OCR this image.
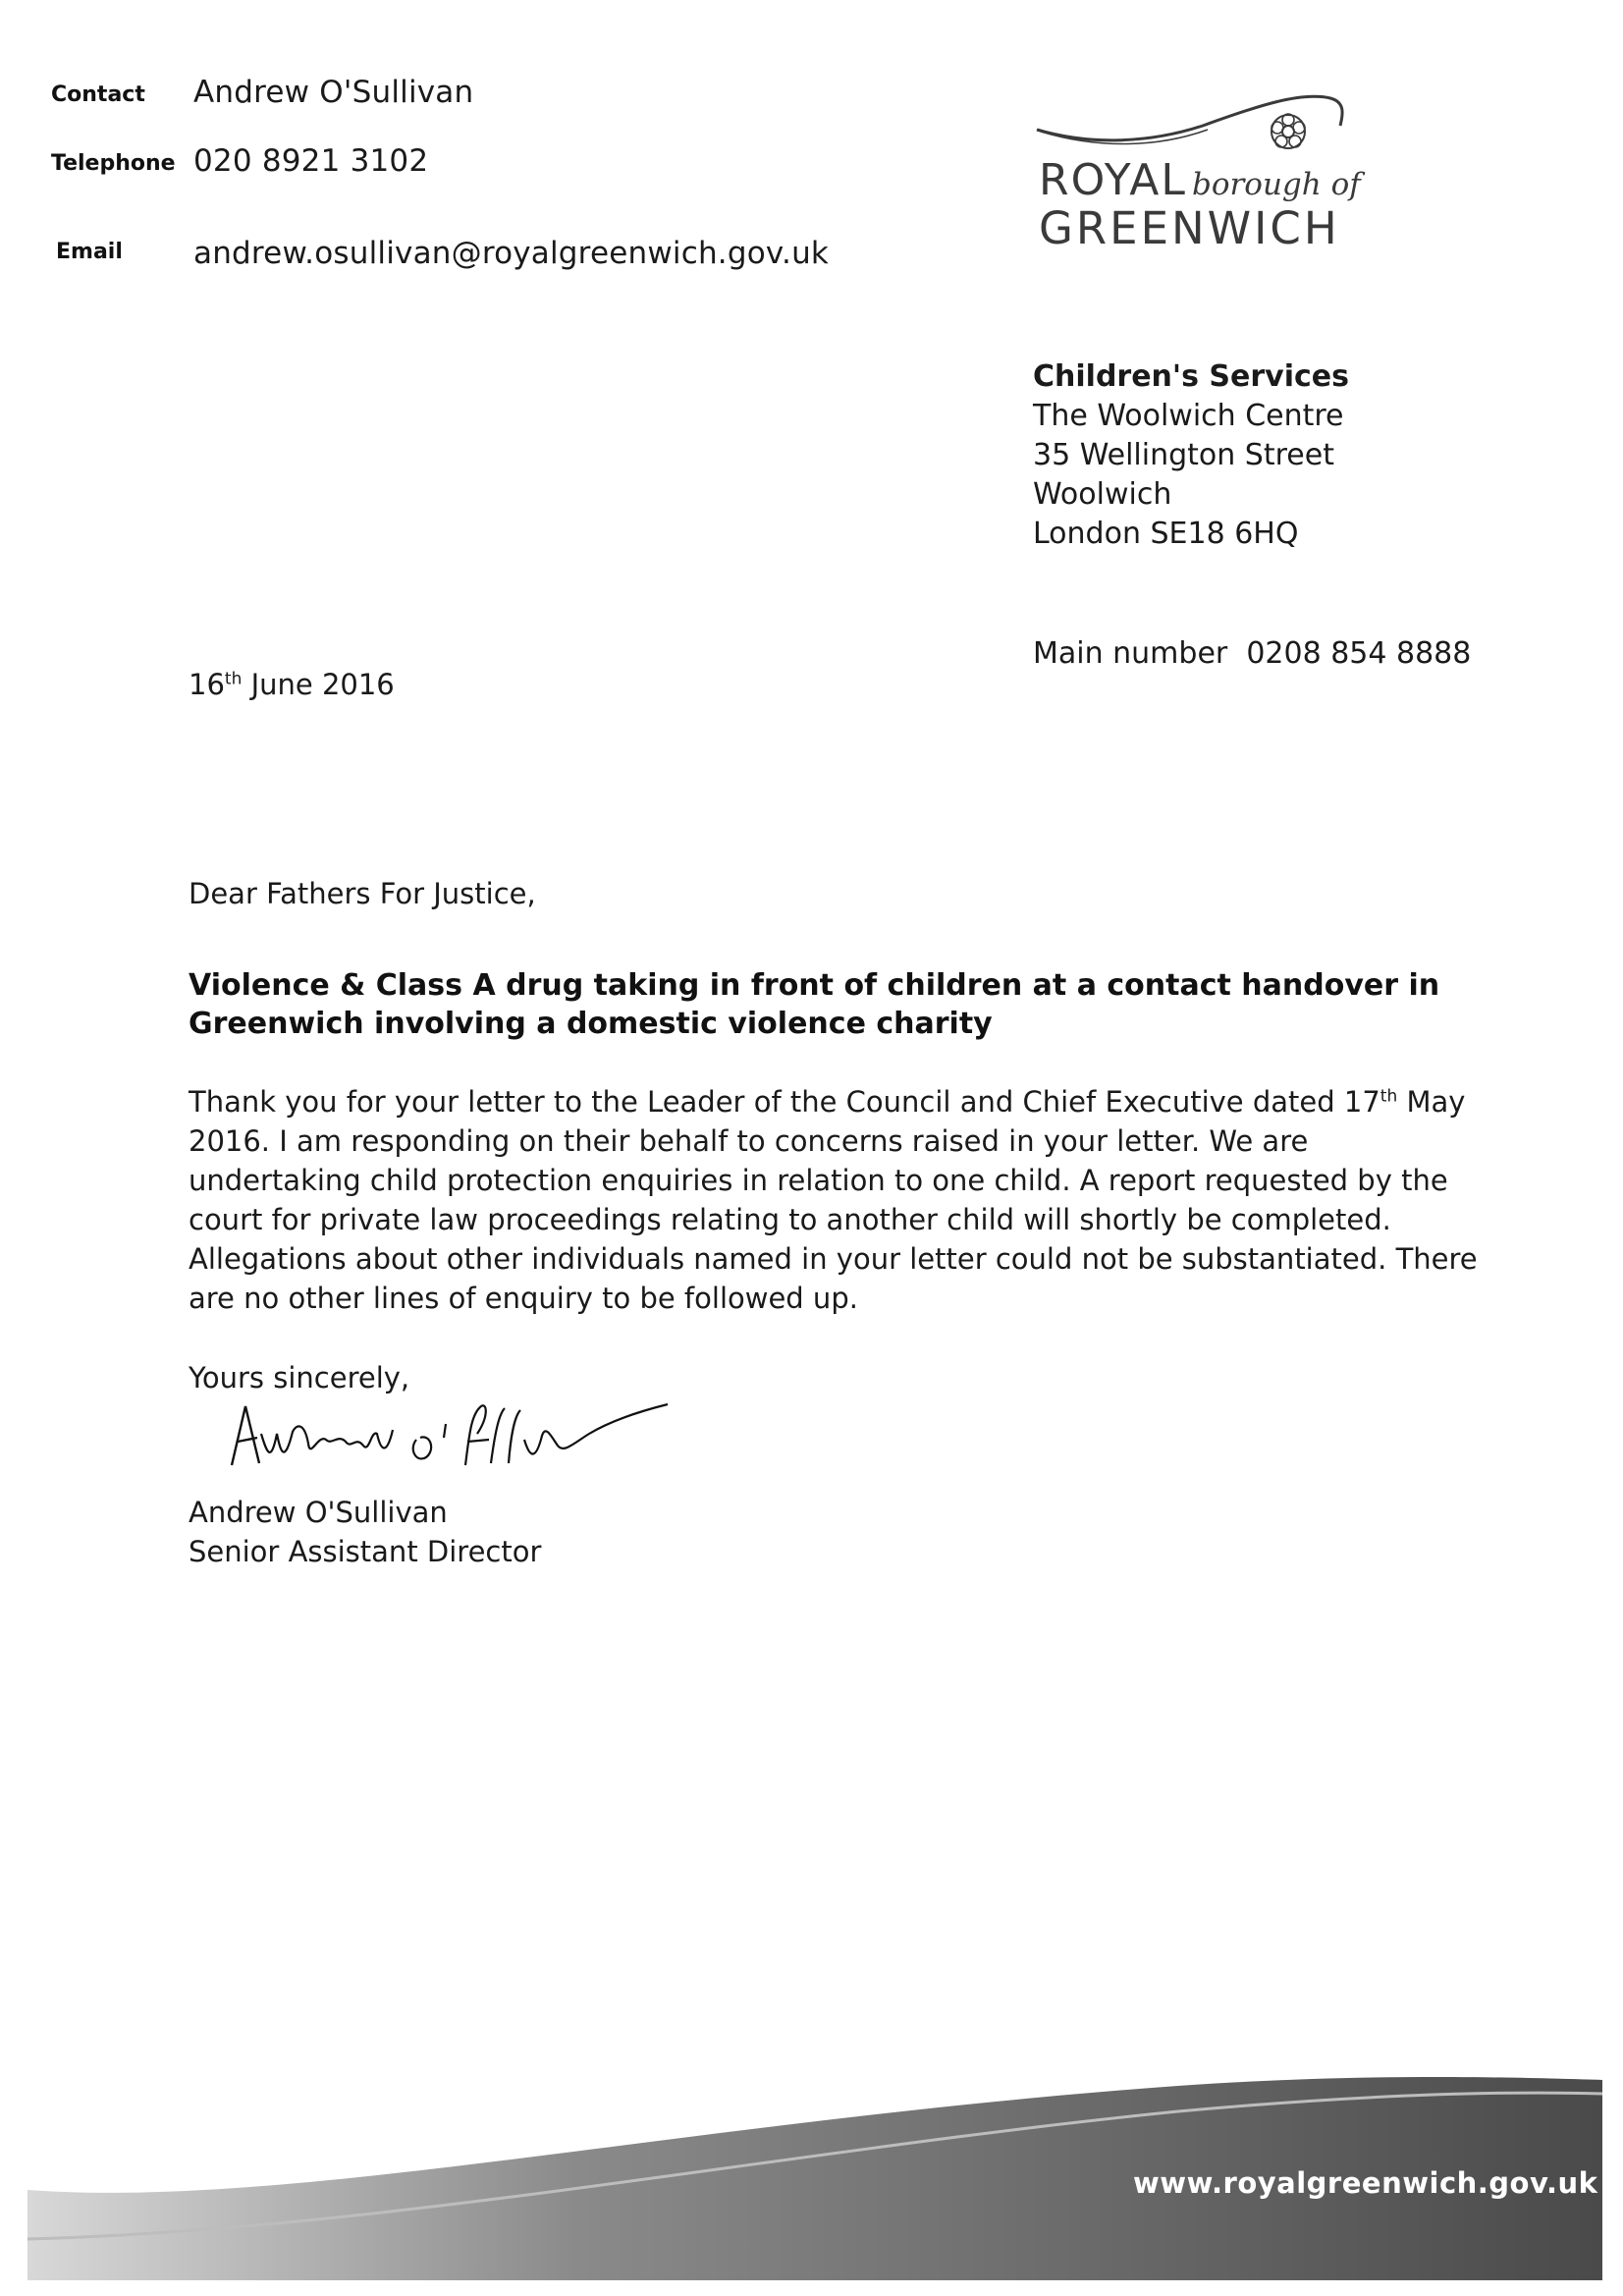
Contact Andrew O'Sullivan
Telephone 020 8921 3102
Email andrew.osullivan@royalgreenwich.gov.uk
ROYAL borough of
GREENWICH
Children's Services
The Woolwich Centre
35 Wellington Street
Woolwich
London SE18 6HQ
Main number 0208 854 8888
16th June 2016
Dear Fathers For Justice,
Violence & Class A drug taking in front of children at a contact handover in
Greenwich involving a domestic violence charity
Thank you for your letter to the Leader of the Council and Chief Executive dated 17th May
2016. I am responding on their behalf to concerns raised in your letter. We are
undertaking child protection enquiries in relation to one child. A report requested by the
court for private law proceedings relating to another child will shortly be completed.
Allegations about other individuals named in your letter could not be substantiated. There
are no other lines of enquiry to be followed up.
Yours sincerely,
Andrew O'Sullivan
Senior Assistant Director
www.royalgreenwich.gov.uk
